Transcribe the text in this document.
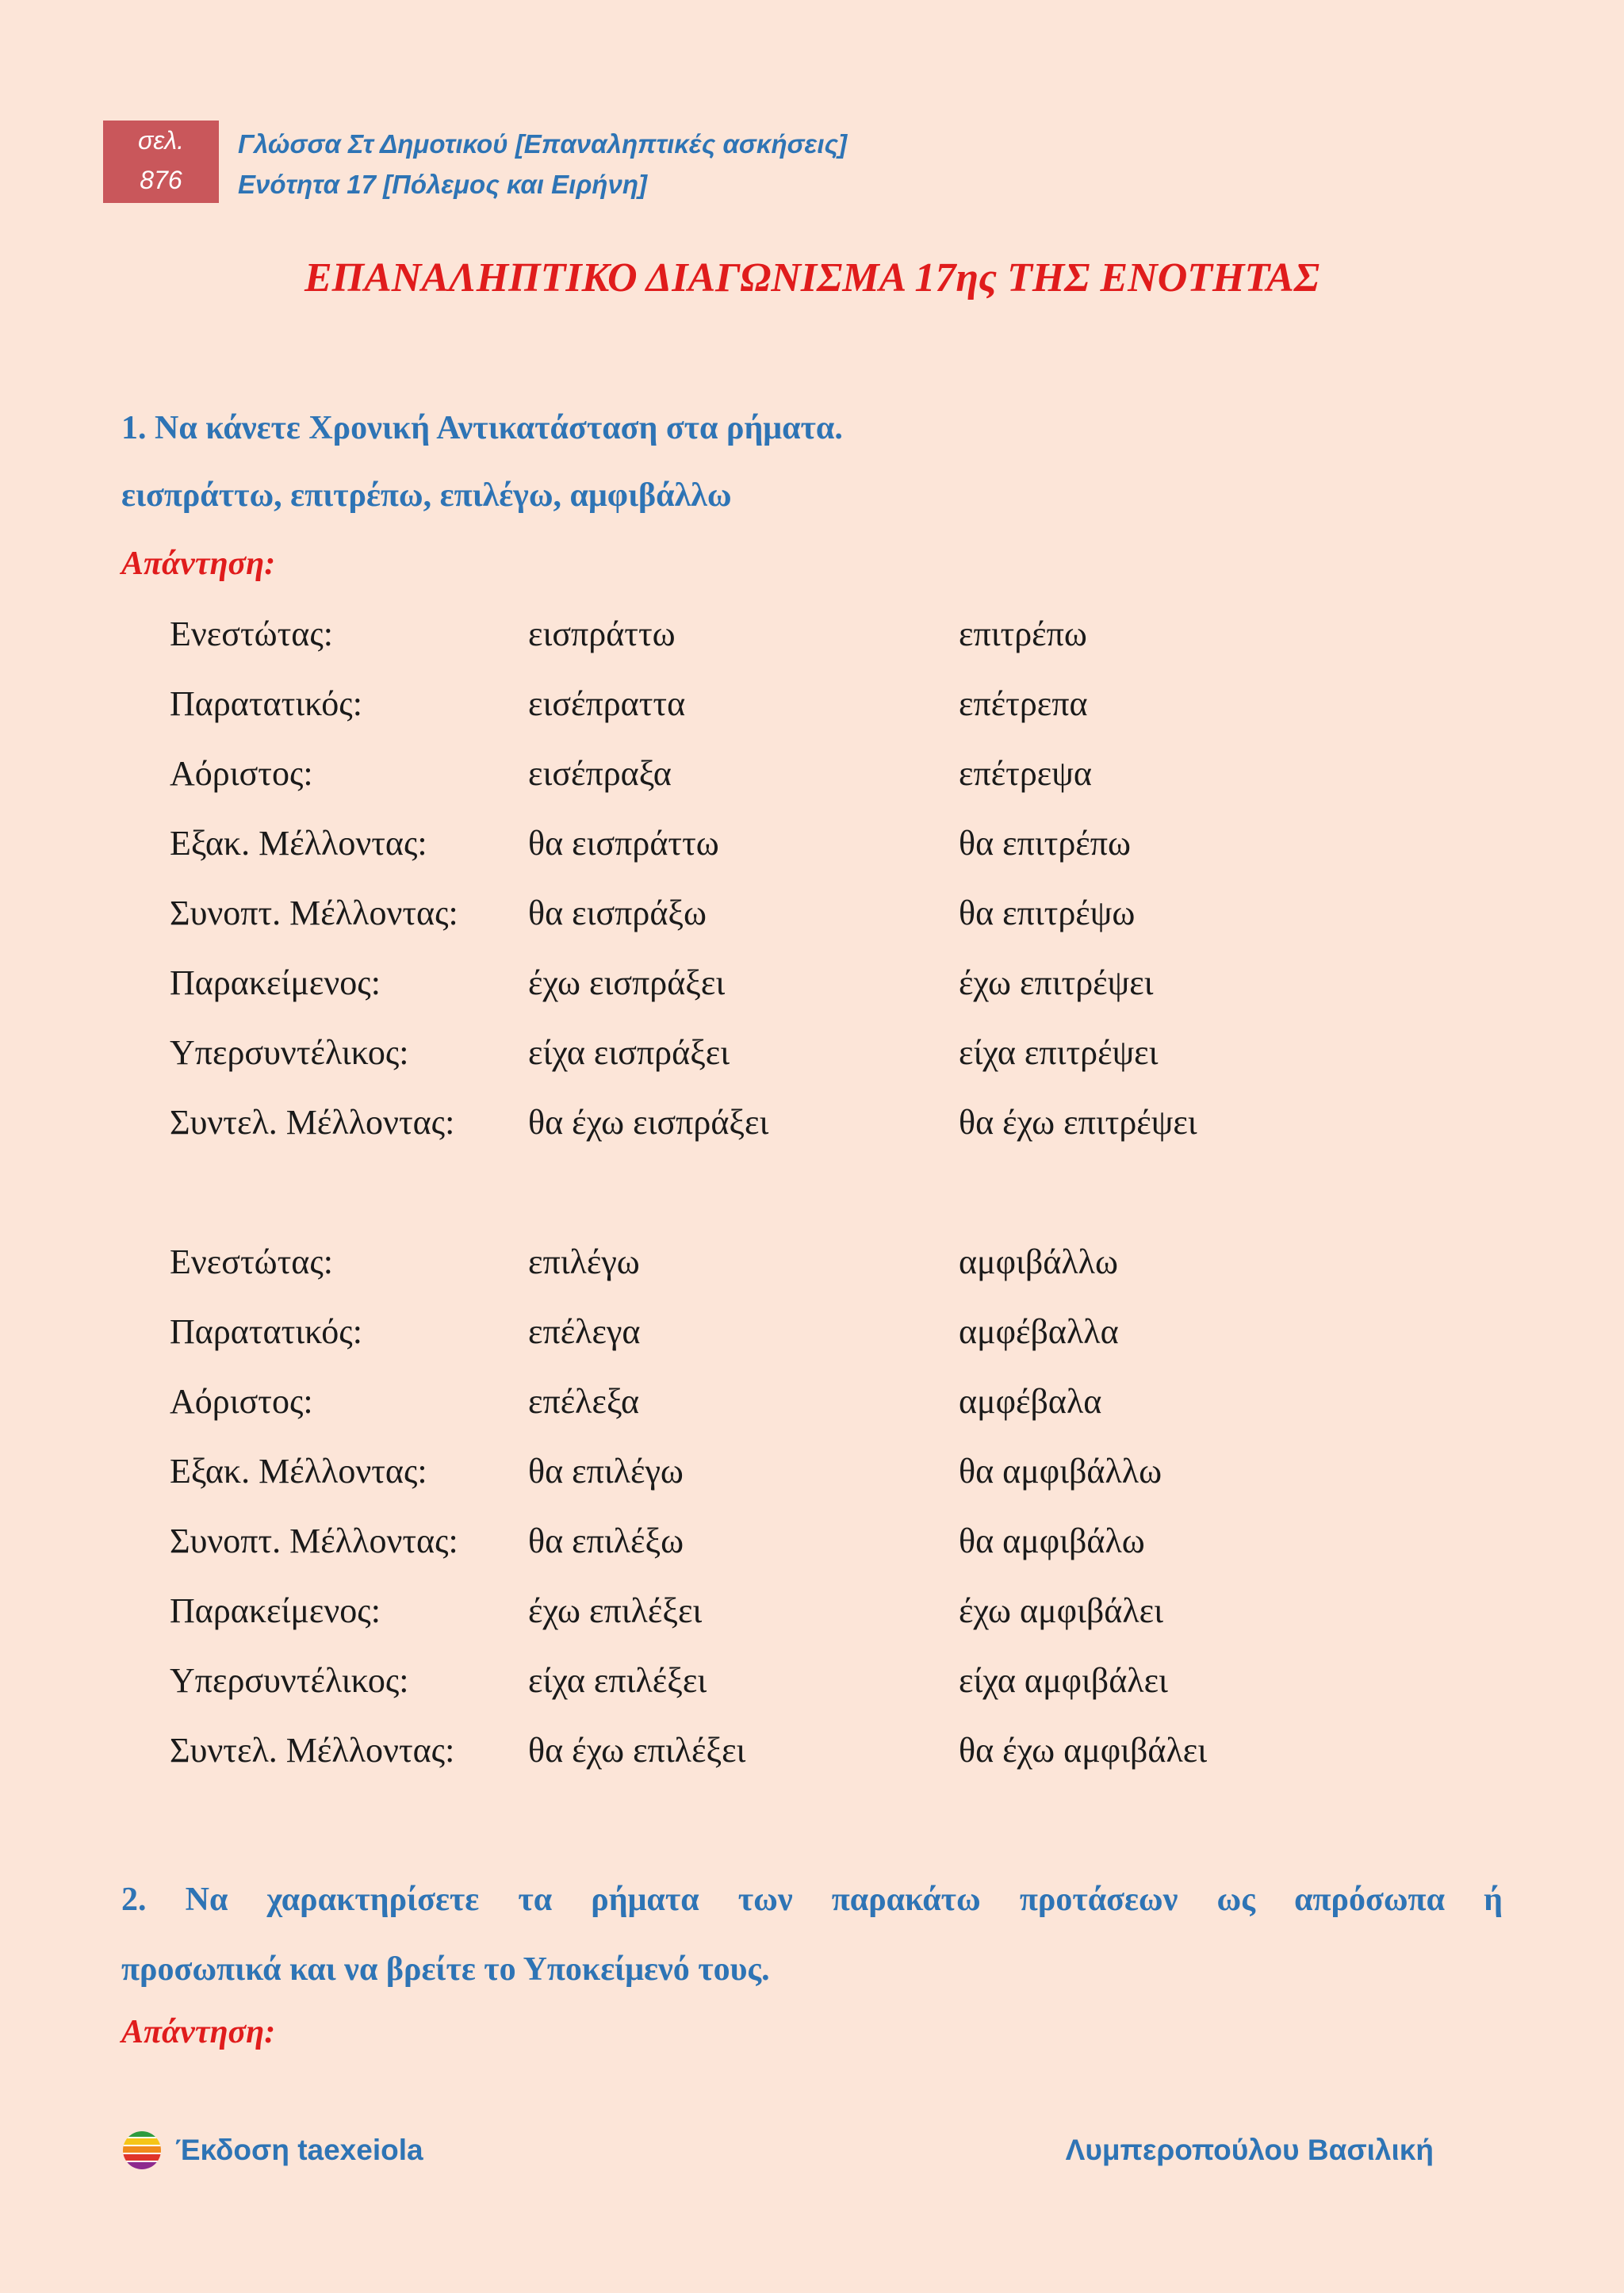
σελ.
876
Γλώσσα Στ Δημοτικού [Επαναληπτικές ασκήσεις]
Ενότητα 17 [Πόλεμος και Ειρήνη]
ΕΠΑΝΑΛΗΠΤΙΚΟ ΔΙΑΓΩΝΙΣΜΑ 17ης ΤΗΣ ΕΝΟΤΗΤΑΣ
1. Να κάνετε Χρονική Αντικατάσταση στα ρήματα.
εισπράττω, επιτρέπω, επιλέγω, αμφιβάλλω
Απάντηση:
Ενεστώτας:	εισπράττω	επιτρέπω
Παρατατικός:	εισέπραττα	επέτρεπα
Αόριστος:	εισέπραξα	επέτρεψα
Εξακ. Μέλλοντας:	θα εισπράττω	θα επιτρέπω
Συνοπτ. Μέλλοντας: θα εισπράξω	θα επιτρέψω
Παρακείμενος:	έχω εισπράξει	έχω επιτρέψει
Υπερσυντέλικος:	είχα εισπράξει	είχα επιτρέψει
Συντελ. Μέλλοντας: θα έχω εισπράξει	θα έχω επιτρέψει
Ενεστώτας:	επιλέγω	αμφιβάλλω
Παρατατικός:	επέλεγα	αμφέβαλλα
Αόριστος:	επέλεξα	αμφέβαλα
Εξακ. Μέλλοντας:	θα επιλέγω	θα αμφιβάλλω
Συνοπτ. Μέλλοντας: θα επιλέξω	θα αμφιβάλω
Παρακείμενος:	έχω επιλέξει	έχω αμφιβάλει
Υπερσυντέλικος:	είχα επιλέξει	είχα αμφιβάλει
Συντελ. Μέλλοντας: θα έχω επιλέξει	θα έχω αμφιβάλει
2. Να χαρακτηρίσετε τα ρήματα των παρακάτω προτάσεων ως απρόσωπα ή
προσωπικά και να βρείτε το Υποκείμενό τους.
Απάντηση:
Έκδοση taexeiola	Λυμπεροπούλου Βασιλική
